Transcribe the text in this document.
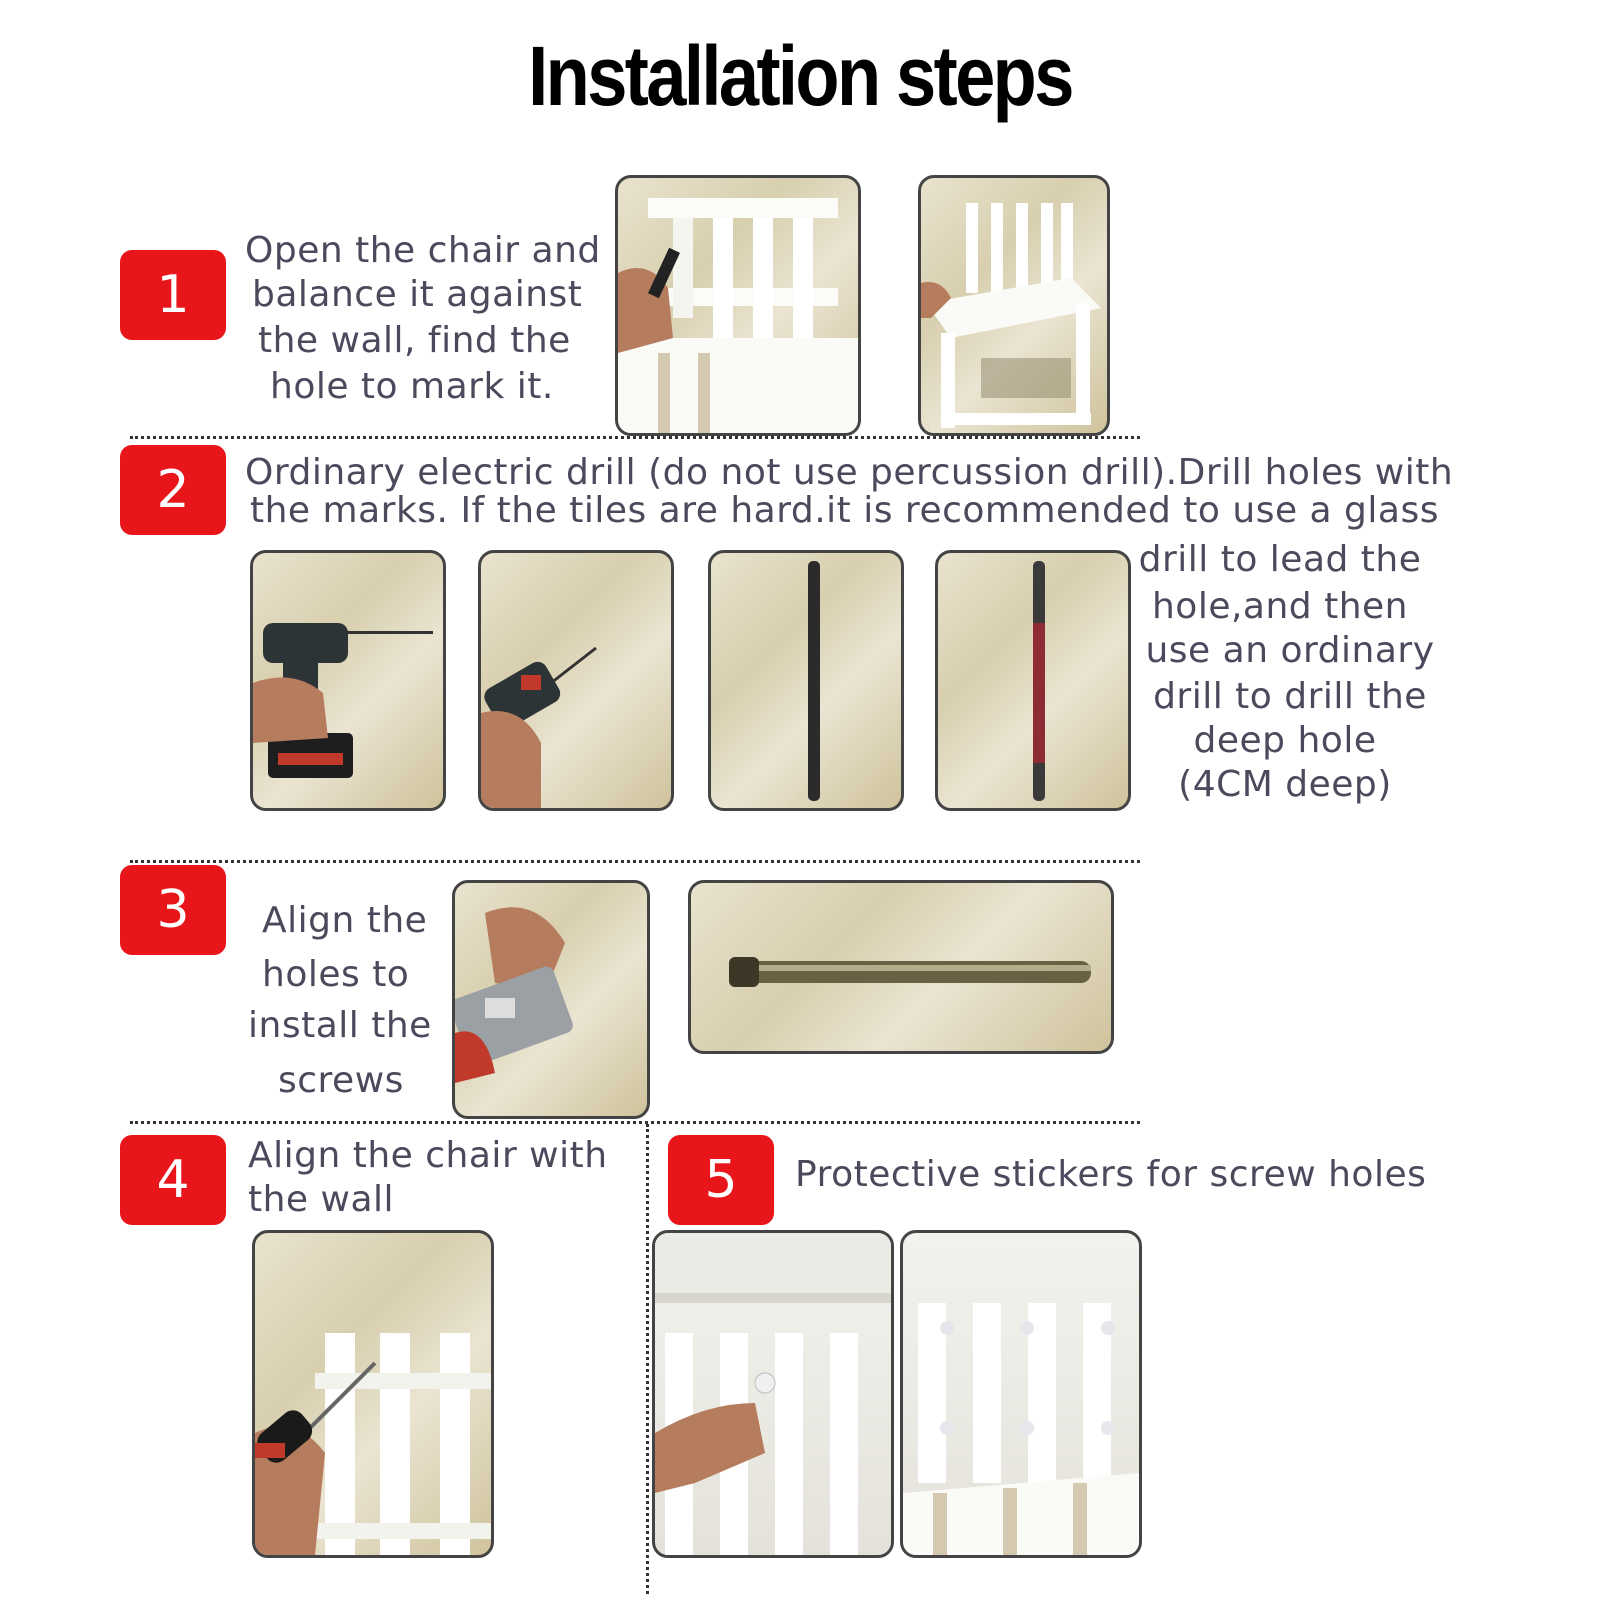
Installation steps
1
Open the chair and
balance it against
the wall, find the
hole to mark it.
2	Ordinary electric drill (do not use percussion drill).Drill holes with
the marks. If the tiles are hard.it is recommended to use a glass
drill to lead the
hole,and then
use an ordinary
drill to drill the
deep hole
(4CM deep)
3	Align the
holes to
install the
screws
4	Align the chair with
the wall	5	Protective stickers for screw holes
